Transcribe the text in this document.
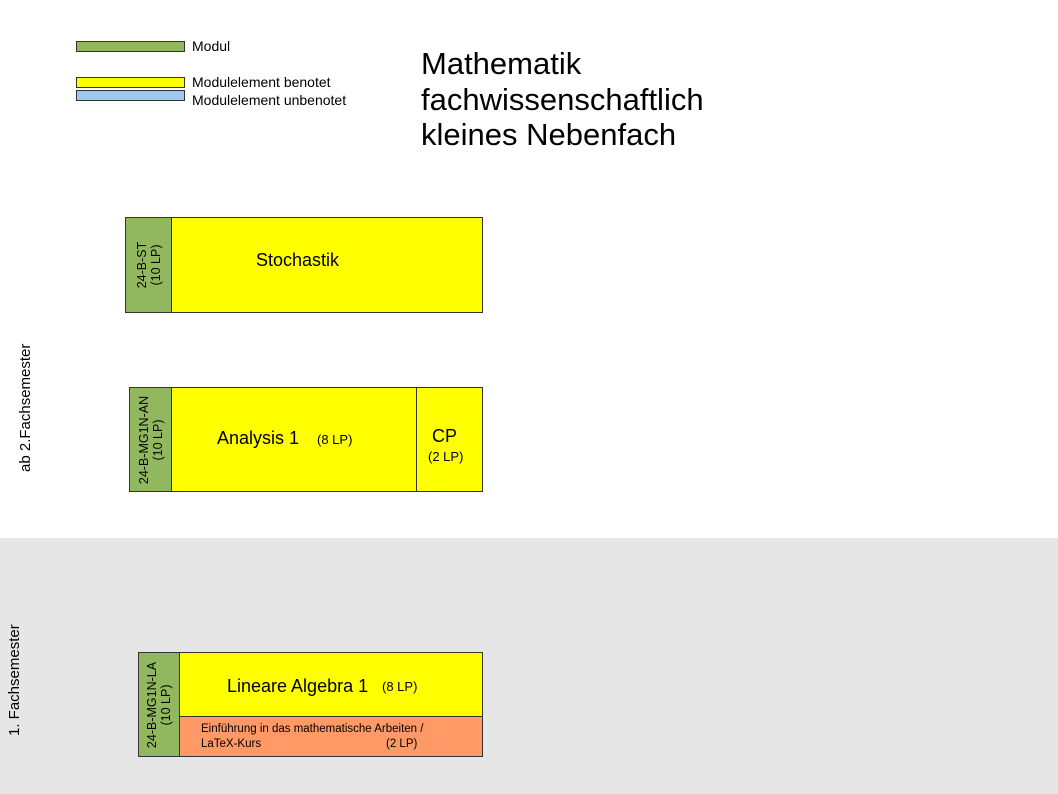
Modul
Modulelement benotet
Modulelement unbenotet
Mathematik
fachwissenschaftlich
kleines Nebenfach
ab 2.Fachsemester
1. Fachsemester
24-B-ST (10 LP)	Stochastik
24-B-MG1N-AN (10 LP)	Analysis 1 (8 LP)	CP
(2 LP)
24-B-MG1N-LA (10 LP)	Lineare Algebra 1 (8 LP)
Einführung in das mathematische Arbeiten /
LaTeX-Kurs	(2 LP)
